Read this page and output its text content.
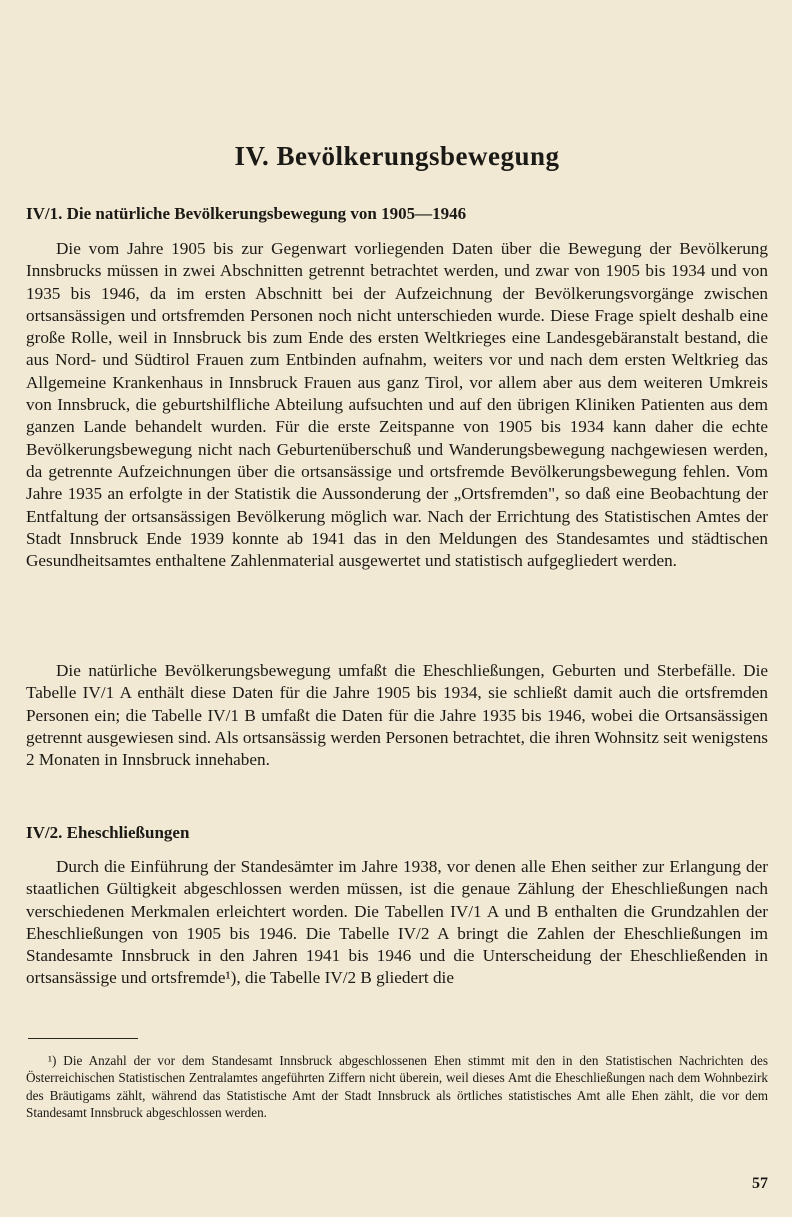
IV. Bevölkerungsbewegung
IV/1. Die natürliche Bevölkerungsbewegung von 1905—1946

Die vom Jahre 1905 bis zur Gegenwart vorliegenden Daten über die Bewegung der Bevölkerung Innsbrucks müssen in zwei Abschnitten getrennt betrachtet werden, und zwar von 1905 bis 1934 und von 1935 bis 1946, da im ersten Abschnitt bei der Aufzeichnung der Bevölkerungsvorgänge zwischen ortsansässigen und ortsfremden Personen noch nicht unterschieden wurde. Diese Frage spielt deshalb eine große Rolle, weil in Innsbruck bis zum Ende des ersten Weltkrieges eine Landesgebäranstalt bestand, die aus Nord- und Südtirol Frauen zum Entbinden aufnahm, weiters vor und nach dem ersten Weltkrieg das Allgemeine Krankenhaus in Innsbruck Frauen aus ganz Tirol, vor allem aber aus dem weiteren Umkreis von Innsbruck, die geburtshilfliche Abteilung aufsuchten und auf den übrigen Kliniken Patienten aus dem ganzen Lande behandelt wurden. Für die erste Zeitspanne von 1905 bis 1934 kann daher die echte Bevölkerungsbewegung nicht nach Geburtenüberschuß und Wanderungsbewegung nachgewiesen werden, da getrennte Aufzeichnungen über die ortsansässige und ortsfremde Bevölkerungsbewegung fehlen. Vom Jahre 1935 an erfolgte in der Statistik die Aussonderung der „Ortsfremden", so daß eine Beobachtung der Entfaltung der ortsansässigen Bevölkerung möglich war. Nach der Errichtung des Statistischen Amtes der Stadt Innsbruck Ende 1939 konnte ab 1941 das in den Meldungen des Standesamtes und städtischen Gesundheitsamtes enthaltene Zahlenmaterial ausgewertet und statistisch aufgegliedert werden.

Die natürliche Bevölkerungsbewegung umfaßt die Eheschließungen, Geburten und Sterbefälle. Die Tabelle IV/1 A enthält diese Daten für die Jahre 1905 bis 1934, sie schließt damit auch die ortsfremden Personen ein; die Tabelle IV/1 B umfaßt die Daten für die Jahre 1935 bis 1946, wobei die Ortsansässigen getrennt ausgewiesen sind. Als ortsansässig werden Personen betrachtet, die ihren Wohnsitz seit wenigstens 2 Monaten in Innsbruck innehaben.

IV/2. Eheschließungen

Durch die Einführung der Standesämter im Jahre 1938, vor denen alle Ehen seither zur Erlangung der staatlichen Gültigkeit abgeschlossen werden müssen, ist die genaue Zählung der Eheschließungen nach verschiedenen Merkmalen erleichtert worden. Die Tabellen IV/1 A und B enthalten die Grundzahlen der Eheschließungen von 1905 bis 1946. Die Tabelle IV/2 A bringt die Zahlen der Eheschließungen im Standesamte Innsbruck in den Jahren 1941 bis 1946 und die Unterscheidung der Eheschließenden in ortsansässige und ortsfremde¹), die Tabelle IV/2 B gliedert die

¹) Die Anzahl der vor dem Standesamt Innsbruck abgeschlossenen Ehen stimmt mit den in den Statistischen Nachrichten des Österreichischen Statistischen Zentralamtes angeführten Ziffern nicht überein, weil dieses Amt die Eheschließungen nach dem Wohnbezirk des Bräutigams zählt, während das Statistische Amt der Stadt Innsbruck als örtliches statistisches Amt alle Ehen zählt, die vor dem Standesamt Innsbruck abgeschlossen werden.

57
